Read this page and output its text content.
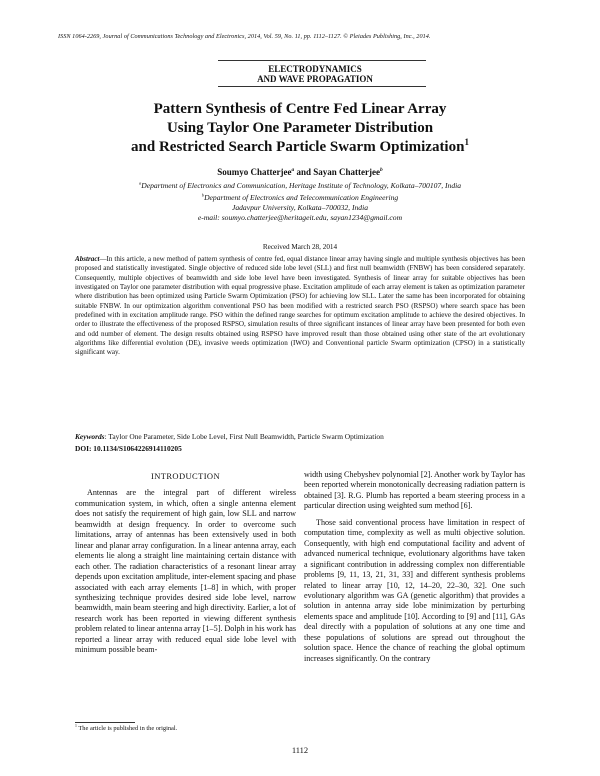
ISSN 1064-2269, Journal of Communications Technology and Electronics, 2014, Vol. 59, No. 11, pp. 1112–1127. © Pleiades Publishing, Inc., 2014.
ELECTRODYNAMICS
AND WAVE PROPAGATION
Pattern Synthesis of Centre Fed Linear Array
Using Taylor One Parameter Distribution
and Restricted Search Particle Swarm Optimization$^1$
Soumyo Chatterjee$^a$ and Sayan Chatterjee$^b$
$^a$Department of Electronics and Communication, Heritage Institute of Technology, Kolkata–700107, India
$^b$Department of Electronics and Telecommunication Engineering
Jadavpur University, Kolkata–700032, India
e-mail: soumyo.chatterjee@heritageit.edu, sayan1234@gmail.com
Received March 28, 2014
Abstract—In this article, a new method of pattern synthesis of centre fed, equal distance linear array having single and multiple synthesis objectives has been proposed and statistically investigated. Single objective of reduced side lobe level (SLL) and first null beamwidth (FNBW) has been considered separately. Consequently, multiple objectives of beamwidth and side lobe level have been investigated. Synthesis of linear array for suitable objectives has been investigated on Taylor one parameter distribution with equal progressive phase. Excitation amplitude of each array element is taken as optimization parameter where distribution has been optimized using Particle Swarm Optimization (PSO) for achieving low SLL. Later the same has been incorporated for obtaining suitable FNBW. In our optimization algorithm conventional PSO has been modified with a restricted search PSO (RSPSO) where search space has been predefined with in excitation amplitude range. PSO within the defined range searches for optimum excitation amplitude to achieve the desired objectives. In order to illustrate the effectiveness of the proposed RSPSO, simulation results of three significant instances of linear array have been presented for both even and odd number of element. The design results obtained using RSPSO have improved result than those obtained using other state of the art evolutionary algorithms like differential evolution (DE), invasive weeds optimization (IWO) and Conventional particle Swarm optimization (CPSO) in a statistically significant way.
Keywords: Taylor One Parameter, Side Lobe Level, First Null Beamwidth, Particle Swarm Optimization
DOI: 10.1134/S1064226914110205
INTRODUCTION
Antennas are the integral part of different wireless communication system, in which, often a single antenna element does not satisfy the requirement of high gain, low SLL and narrow beamwidth at design frequency. In order to overcome such limitations, array of antennas has been extensively used in both linear and planar array configuration. In a linear antenna array, each elements lie along a straight line maintaining certain distance with each other. The radiation characteristics of a resonant linear array depends upon excitation amplitude, inter-element spacing and phase associated with each array elements [1–8] in which, with proper synthesizing technique provides desired side lobe level, narrow beamwidth, main beam steering and high directivity. Earlier, a lot of research work has been reported in viewing different synthesis problem related to linear antenna array [1–5]. Dolph in his work has reported a linear array with reduced equal side lobe level with minimum possible beam-
width using Chebyshev polynomial [2]. Another work by Taylor has been reported wherein monotonically decreasing radiation pattern is obtained [3]. R.G. Plumb has reported a beam steering process in a particular direction using weighted sum method [6].
Those said conventional process have limitation in respect of computation time, complexity as well as multi objective solution. Consequently, with high end computational facility and advent of advanced numerical technique, evolutionary algorithms have taken a significant contribution in addressing complex non differentiable problems [9, 11, 13, 21, 31, 33] and different synthesis problems related to linear array [10, 12, 14–20, 22–30, 32]. One such evolutionary algorithm was GA (genetic algorithm) that provides a solution in antenna array side lobe minimization by perturbing elements space and amplitude [10]. According to [9] and [11], GAs deal directly with a population of solutions at any one time and these populations of solutions are spread out throughout the solution space. Hence the chance of reaching the global optimum increases significantly. On the contrary
$^1$ The article is published in the original.
1112
